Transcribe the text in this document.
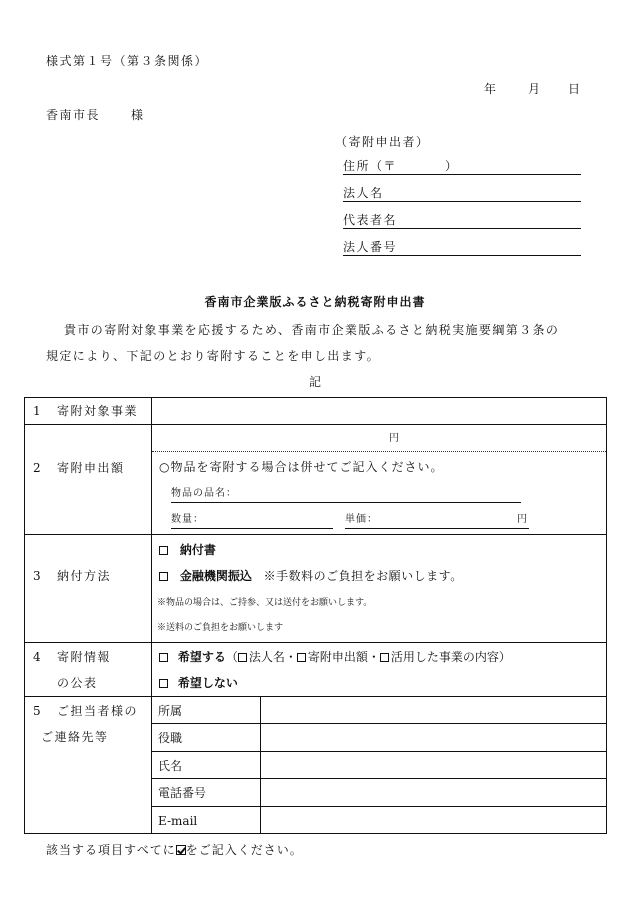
様式第１号（第３条関係）
年	月 日
香南市長	様
（寄附申出者）
住所（〒	）
法人名
代表者名
法人番号
香南市企業版ふるさと納税寄附申出書
貴市の寄附対象事業を応援するため、香南市企業版ふるさと納税実施要綱第３条の
規定により、下記のとおり寄附することを申し出ます。
記
1 寄附対象事業
2 寄附申出額
円
○物品を寄附する場合は併せてご記入ください。
物品の品名：
数量：	単価：	円
3 納付方法
納付書
金融機関振込 ※手数料のご負担をお願いします。
※物品の場合は、ご持参、又は送付をお願いします。
※送料のご負担をお願いします
4 寄附情報
の公表
希望する（ 法人名・ 寄附申出額・ 活用した事業の内容）
希望しない
5 ご担当者様の
ご連絡先等
所属
役職
氏名
電話番号
E-mail
該当する項目すべてに をご記入ください。
